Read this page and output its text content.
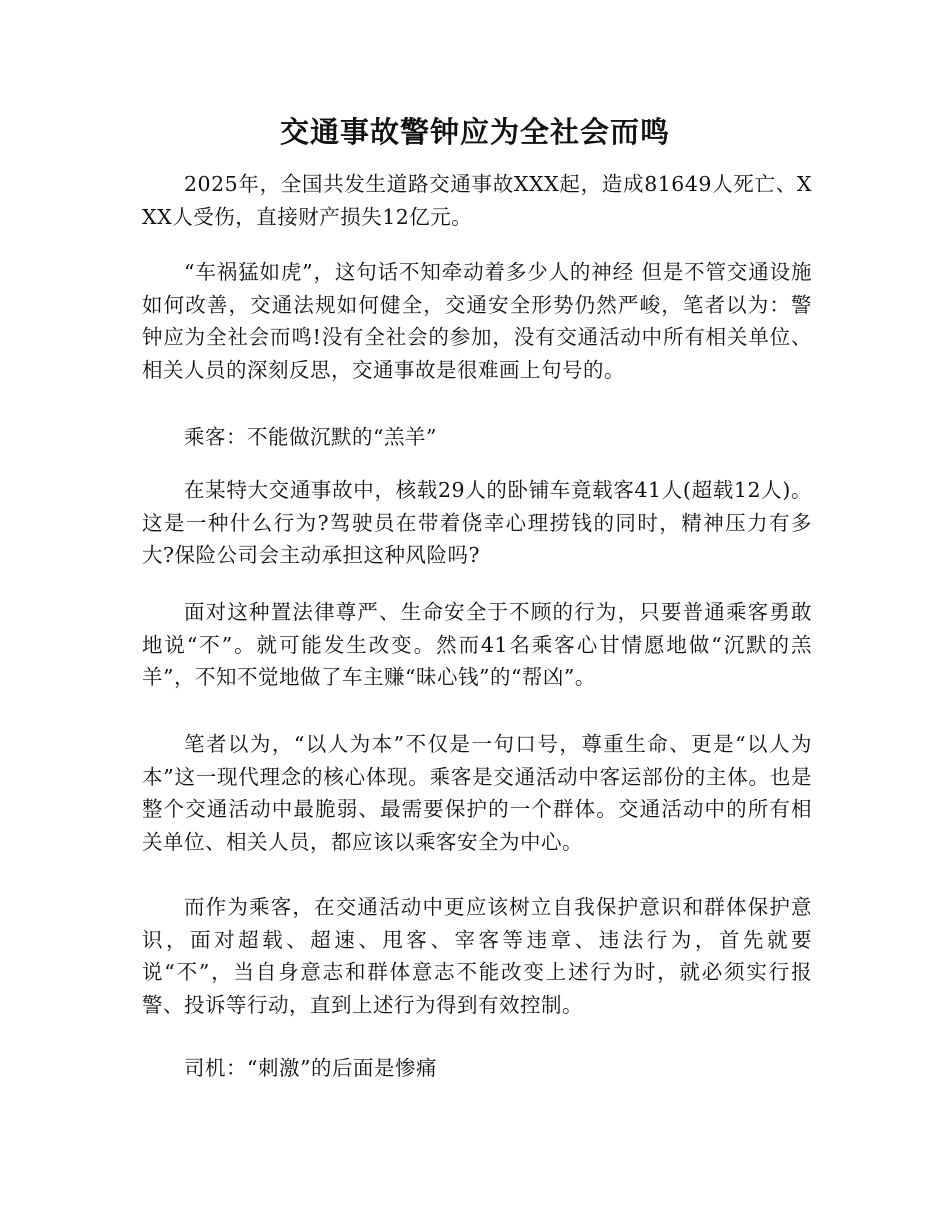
交通事故警钟应为全社会而鸣

2025年，全国共发生道路交通事故XXX起，造成81649人死亡、XXX人受伤，直接财产损失12亿元。

“车祸猛如虎”，这句话不知牵动着多少人的神经 但是不管交通设施如何改善，交通法规如何健全，交通安全形势仍然严峻，笔者以为：警钟应为全社会而鸣!没有全社会的参加，没有交通活动中所有相关单位、相关人员的深刻反思，交通事故是很难画上句号的。

乘客：不能做沉默的“羔羊”

在某特大交通事故中，核载29人的卧铺车竟载客41人(超载12人)。这是一种什么行为?驾驶员在带着侥幸心理捞钱的同时，精神压力有多大?保险公司会主动承担这种风险吗?

面对这种置法律尊严、生命安全于不顾的行为，只要普通乘客勇敢地说“不”。就可能发生改变。然而41名乘客心甘情愿地做“沉默的羔羊”，不知不觉地做了车主赚“昧心钱”的“帮凶”。

笔者以为，“以人为本”不仅是一句口号，尊重生命、更是“以人为本”这一现代理念的核心体现。乘客是交通活动中客运部份的主体。也是整个交通活动中最脆弱、最需要保护的一个群体。交通活动中的所有相关单位、相关人员，都应该以乘客安全为中心。

而作为乘客，在交通活动中更应该树立自我保护意识和群体保护意识，面对超载、超速、甩客、宰客等违章、违法行为，首先就要说“不”，当自身意志和群体意志不能改变上述行为时，就必须实行报警、投诉等行动，直到上述行为得到有效控制。

司机：“刺激”的后面是惨痛
